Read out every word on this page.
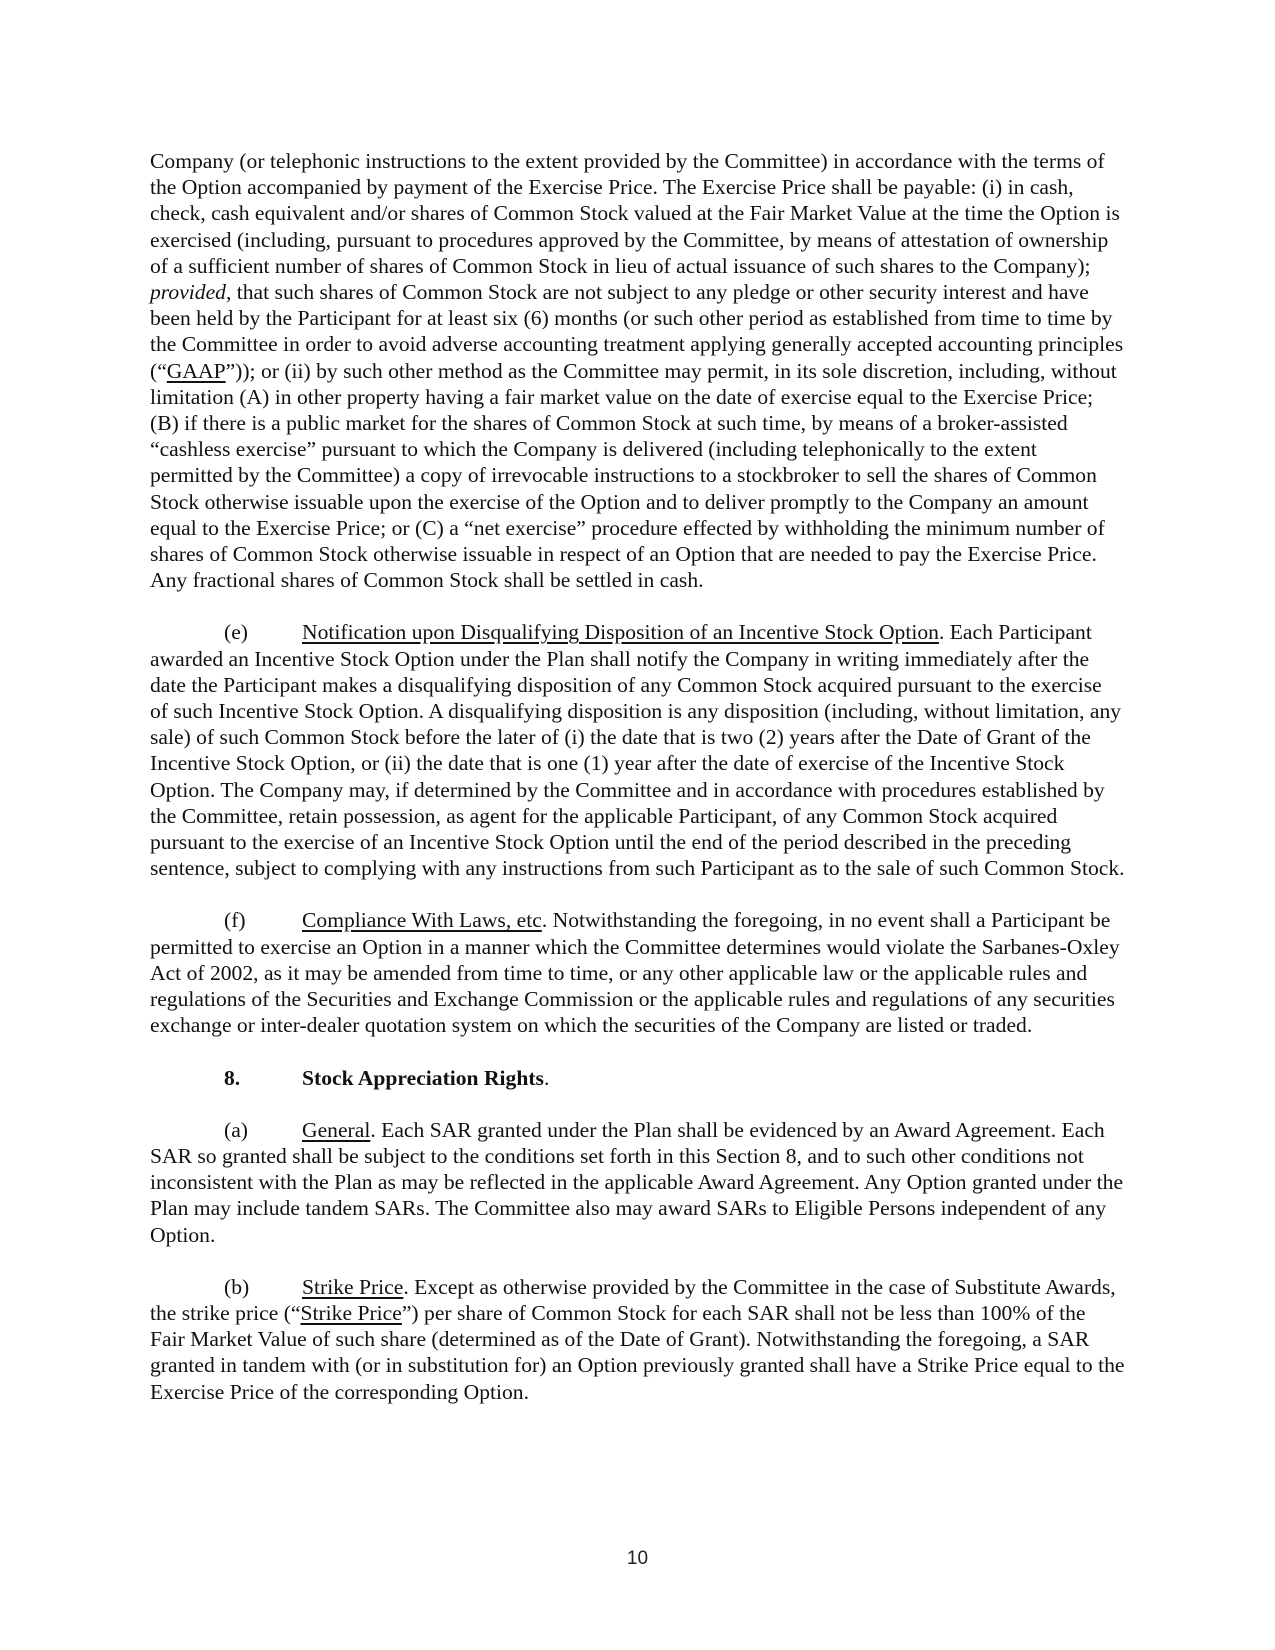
Company (or telephonic instructions to the extent provided by the Committee) in accordance with the terms of the Option accompanied by payment of the Exercise Price. The Exercise Price shall be payable: (i) in cash, check, cash equivalent and/or shares of Common Stock valued at the Fair Market Value at the time the Option is exercised (including, pursuant to procedures approved by the Committee, by means of attestation of ownership of a sufficient number of shares of Common Stock in lieu of actual issuance of such shares to the Company); provided, that such shares of Common Stock are not subject to any pledge or other security interest and have been held by the Participant for at least six (6) months (or such other period as established from time to time by the Committee in order to avoid adverse accounting treatment applying generally accepted accounting principles (“GAAP”)); or (ii) by such other method as the Committee may permit, in its sole discretion, including, without limitation (A) in other property having a fair market value on the date of exercise equal to the Exercise Price; (B) if there is a public market for the shares of Common Stock at such time, by means of a broker-assisted “cashless exercise” pursuant to which the Company is delivered (including telephonically to the extent permitted by the Committee) a copy of irrevocable instructions to a stockbroker to sell the shares of Common Stock otherwise issuable upon the exercise of the Option and to deliver promptly to the Company an amount equal to the Exercise Price; or (C) a “net exercise” procedure effected by withholding the minimum number of shares of Common Stock otherwise issuable in respect of an Option that are needed to pay the Exercise Price. Any fractional shares of Common Stock shall be settled in cash.

(e)	Notification upon Disqualifying Disposition of an Incentive Stock Option. Each Participant awarded an Incentive Stock Option under the Plan shall notify the Company in writing immediately after the date the Participant makes a disqualifying disposition of any Common Stock acquired pursuant to the exercise of such Incentive Stock Option. A disqualifying disposition is any disposition (including, without limitation, any sale) of such Common Stock before the later of (i) the date that is two (2) years after the Date of Grant of the Incentive Stock Option, or (ii) the date that is one (1) year after the date of exercise of the Incentive Stock Option. The Company may, if determined by the Committee and in accordance with procedures established by the Committee, retain possession, as agent for the applicable Participant, of any Common Stock acquired pursuant to the exercise of an Incentive Stock Option until the end of the period described in the preceding sentence, subject to complying with any instructions from such Participant as to the sale of such Common Stock.

(f)	Compliance With Laws, etc. Notwithstanding the foregoing, in no event shall a Participant be permitted to exercise an Option in a manner which the Committee determines would violate the Sarbanes-Oxley Act of 2002, as it may be amended from time to time, or any other applicable law or the applicable rules and regulations of the Securities and Exchange Commission or the applicable rules and regulations of any securities exchange or inter-dealer quotation system on which the securities of the Company are listed or traded.

8.	Stock Appreciation Rights.

(a)	General. Each SAR granted under the Plan shall be evidenced by an Award Agreement. Each SAR so granted shall be subject to the conditions set forth in this Section 8, and to such other conditions not inconsistent with the Plan as may be reflected in the applicable Award Agreement. Any Option granted under the Plan may include tandem SARs. The Committee also may award SARs to Eligible Persons independent of any Option.

(b) Strike Price. Except as otherwise provided by the Committee in the case of Substitute Awards, the strike price (“Strike Price”) per share of Common Stock for each SAR shall not be less than 100% of the Fair Market Value of such share (determined as of the Date of Grant). Notwithstanding the foregoing, a SAR granted in tandem with (or in substitution for) an Option previously granted shall have a Strike Price equal to the Exercise Price of the corresponding Option.

10
